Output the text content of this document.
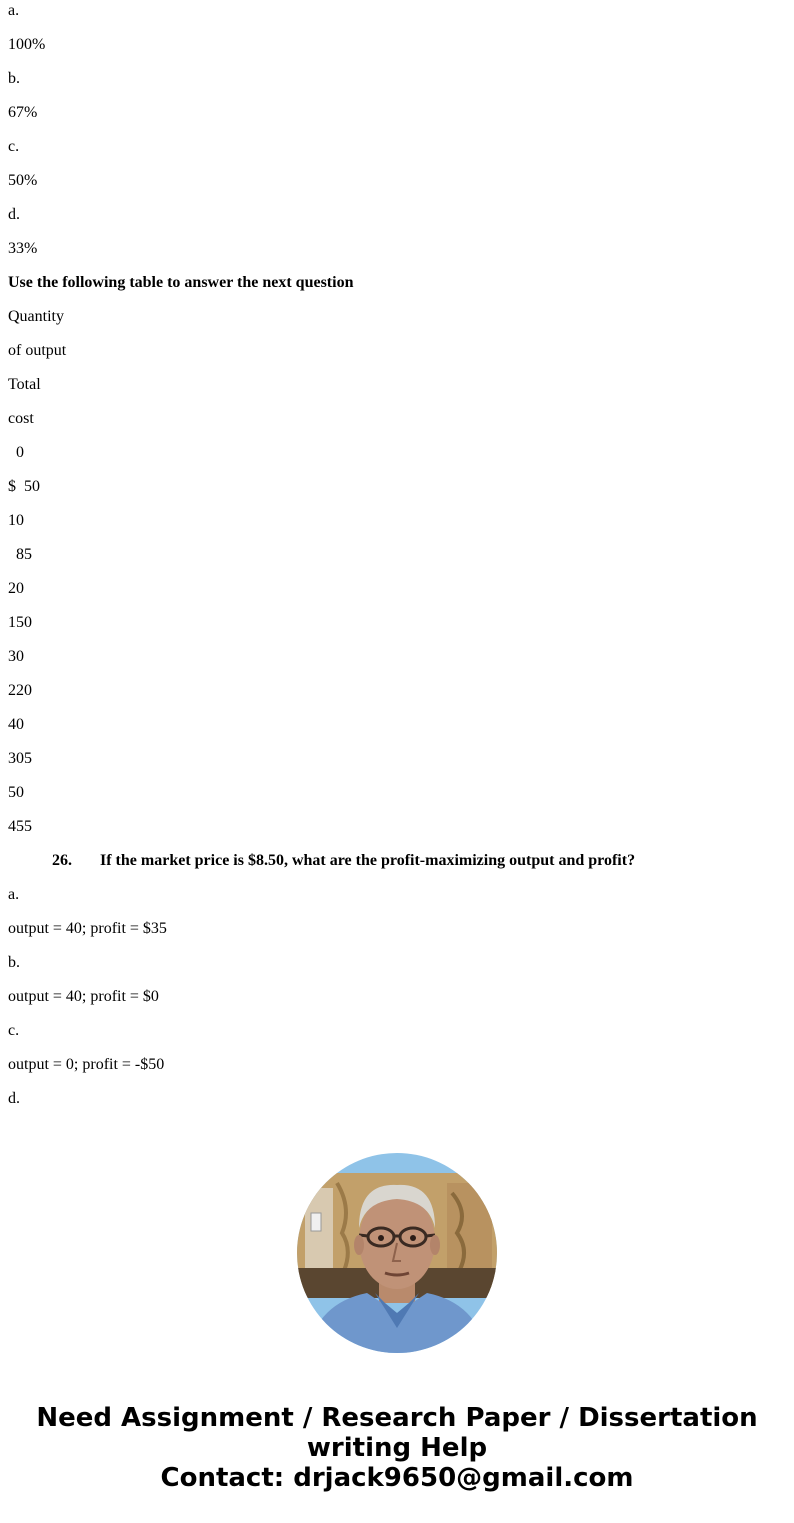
a.
100%
b.
67%
c.
50%
d.
33%
Use the following table to answer the next question
Quantity
of output
Total
cost
0
$  50
10
85
20
150
30
220
40
305
50
455
26. If the market price is $8.50, what are the profit-maximizing output and profit?
a.
output = 40; profit = $35
b.
output = 40; profit = $0
c.
output = 0; profit = -$50
d.
Need Assignment / Research Paper / Dissertation
writing Help
Contact: drjack9650@gmail.com
